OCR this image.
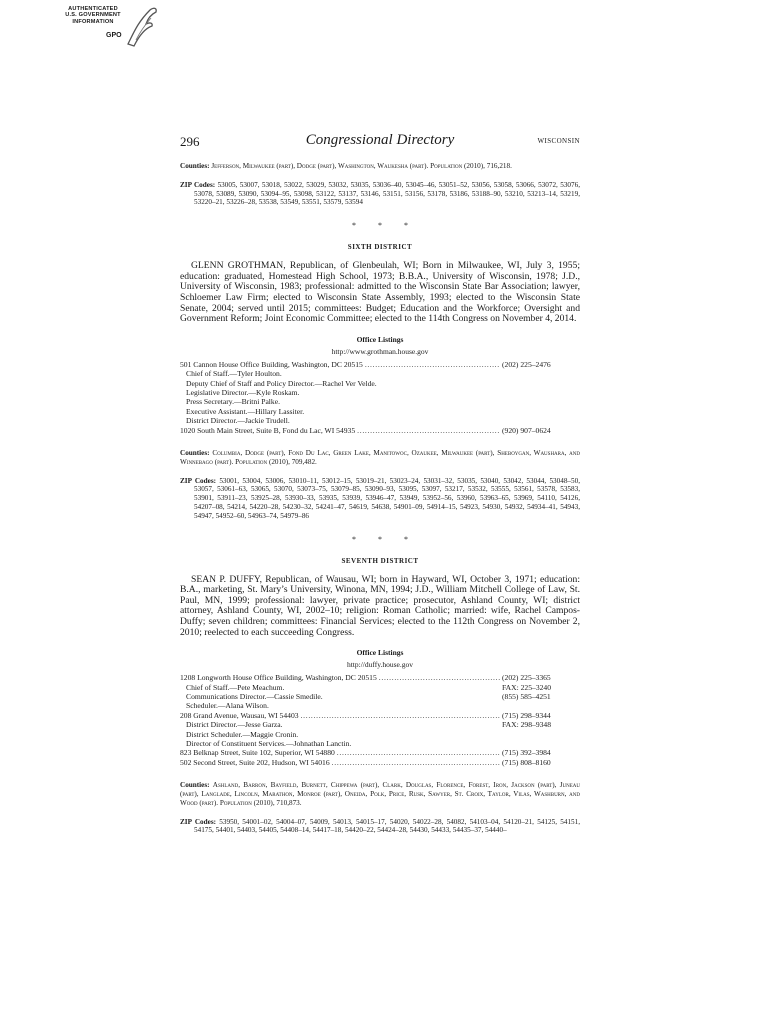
AUTHENTICATED
U.S. GOVERNMENT
INFORMATION
GPO
296	Congressional Directory	WISCONSIN
Counties: Jefferson, Milwaukee (part), Dodge (part), Washington, Waukesha (part). Population (2010), 716,218.
ZIP Codes: 53005, 53007, 53018, 53022, 53029, 53032, 53035, 53036–40, 53045–46, 53051–52, 53056, 53058, 53066, 53072, 53076, 53078, 53089, 53090, 53094–95, 53098, 53122, 53137, 53146, 53151, 53156, 53178, 53186, 53188–90, 53210, 53213–14, 53219, 53220–21, 53226–28, 53538, 53549, 53551, 53579, 53594
* * *
SIXTH DISTRICT
GLENN GROTHMAN, Republican, of Glenbeulah, WI; Born in Milwaukee, WI, July 3, 1955; education: graduated, Homestead High School, 1973; B.B.A., University of Wisconsin, 1978; J.D., University of Wisconsin, 1983; professional: admitted to the Wisconsin State Bar Association; lawyer, Schloemer Law Firm; elected to Wisconsin State Assembly, 1993; elected to the Wisconsin State Senate, 2004; served until 2015; committees: Budget; Education and the Workforce; Oversight and Government Reform; Joint Economic Committee; elected to the 114th Congress on November 4, 2014.
Office Listings
http://www.grothman.house.gov
501 Cannon House Office Building, Washington, DC 20515 . . .	(202) 225–2476
Chief of Staff.—Tyler Houlton.
Deputy Chief of Staff and Policy Director.—Rachel Ver Velde.
Legislative Director.—Kyle Roskam.
Press Secretary.—Britni Palke.
Executive Assistant.—Hillary Lassiter.
District Director.—Jackie Trudell.
1020 South Main Street, Suite B, Fond du Lac, WI 54935 . . .	(920) 907–0624
Counties: Columbia, Dodge (part), Fond Du Lac, Green Lake, Manitowoc, Ozaukee, Milwaukee (part), Sheboygan, Waushara, and Winnebago (part). Population (2010), 709,482.
ZIP Codes: 53001, 53004, 53006, 53010–11, 53012–15, 53019–21, 53023–24, 53031–32, 53035, 53040, 53042, 53044, 53048–50, 53057, 53061–63, 53065, 53070, 53073–75, 53079–85, 53090–93, 53095, 53097, 53217, 53532, 53555, 53561, 53578, 53583, 53901, 53911–23, 53925–28, 53930–33, 53935, 53939, 53946–47, 53949, 53952–56, 53960, 53963–65, 53969, 54110, 54126, 54207–08, 54214, 54220–28, 54230–32, 54241–47, 54619, 54638, 54901–09, 54914–15, 54923, 54930, 54932, 54934–41, 54943, 54947, 54952–60, 54963–74, 54979–86
* * *
SEVENTH DISTRICT
SEAN P. DUFFY, Republican, of Wausau, WI; born in Hayward, WI, October 3, 1971; education: B.A., marketing, St. Mary’s University, Winona, MN, 1994; J.D., William Mitchell College of Law, St. Paul, MN, 1999; professional: lawyer, private practice; prosecutor, Ashland County, WI; district attorney, Ashland County, WI, 2002–10; religion: Roman Catholic; married: wife, Rachel Campos-Duffy; seven children; committees: Financial Services; elected to the 112th Congress on November 2, 2010; reelected to each succeeding Congress.
Office Listings
http://duffy.house.gov
1208 Longworth House Office Building, Washington, DC 20515 . . .	(202) 225–3365
Chief of Staff.—Pete Meachum.	FAX: 225–3240
Communications Director.—Cassie Smedile.	(855) 585–4251
Scheduler.—Alana Wilson.
208 Grand Avenue, Wausau, WI 54403 . . .	(715) 298–9344
District Director.—Jesse Garza.	FAX: 298–9348
District Scheduler.—Maggie Cronin.
Director of Constituent Services.—Johnathan Lanctin.
823 Belknap Street, Suite 102, Superior, WI 54880 . . .	(715) 392–3984
502 Second Street, Suite 202, Hudson, WI 54016 . . .	(715) 808–8160
Counties: Ashland, Barron, Bayfield, Burnett, Chippewa (part), Clark, Douglas, Florence, Forest, Iron, Jackson (part), Juneau (part), Langlade, Lincoln, Marathon, Monroe (part), Oneida, Polk, Price, Rusk, Sawyer, St. Croix, Taylor, Vilas, Washburn, and Wood (part). Population (2010), 710,873.
ZIP Codes: 53950, 54001–02, 54004–07, 54009, 54013, 54015–17, 54020, 54022–28, 54082, 54103–04, 54120–21, 54125, 54151, 54175, 54401, 54403, 54405, 54408–14, 54417–18, 54420–22, 54424–28, 54430, 54433, 54435–37, 54440–
